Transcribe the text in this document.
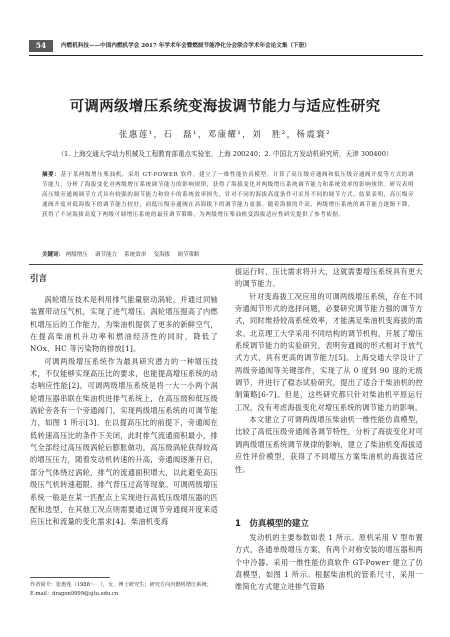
54	内燃机科技——中国内燃机学会 2017 年学术年会暨燃烧节能净化分会联合学术年会论文集（下册）
可调两级增压系统变海拔调节能力与适应性研究
张惠莲¹，石　磊¹，邓康耀¹，刘　胜²，杨震寰²
（1. 上海交通大学动力机械及工程教育部重点实验室，上海 200240；2. 中国北方发动机研究所，天津 300400）
摘要：基于某两级增压柴油机，采用 GT-POWER 软件，建立了一维性能仿真模型。计算了高压级旁通阀和低压级旁通阀开度等方式的调节能力，分析了海拔变化对两级增压系统调节能力的影响规律，获得了海拔变化对两级增压系统调节能力和系统效率的影响规律。研究表明高压级旁通阀调节方式具有较强的调节能力和较小的系统效率损失，针对不同的海拔高度条件可采用不同的调节方式。结果表明，高压级旁通阀开度对低海拔下的调节能力较好，而低压级旁通阀在高海拔下的调节能力更强。随着海拔的升高，两级增压系统的调节能力逐渐下降，获得了不同海拔高度下两级可调增压系统的最佳调节策略，为两级增压柴油机变海拔适应性研究提供了参考依据。
关键词： 两级增压  调节能力  系统效率  变海拔  调节策略
引言

涡轮增压技术是利用排气能量驱动涡轮，并通过同轴装置带动压气机，实现了进气增压。涡轮增压提高了内燃机增压后的工作能力，为柴油机提供了更多的新鲜空气，在提高柴油机升功率和燃油经济性的同时，降低了 NOx、HC 等污染物的排放[1]。

可调两级增压系统作为最具研究潜力的一种增压技术，不仅能够实现高压比的要求，也能提高增压系统的动态响应性能[2]。可调两级增压系统是将一大一小两个涡轮增压器串联在柴油机进排气系统上，在高压级和低压级涡轮旁各有一个旁通阀门，实现两级增压系统的可调节能力，如图 1 所示[3]。在以提高压比的前提下，旁通阀在低转速高压比的条件下关闭，此时排气流通面积最小，排气全部经过高压级涡轮后膨胀做功，高压级涡轮获得较高的增压压力，随着发动机转速的升高，旁通阀逐渐开启，部分气体绕过涡轮，排气的流通面积增大，以此避免高压级压气机转速超限、排气背压过高等现象。可调两级增压系统一般是在某一匹配点上实现进行高低压级增压器的匹配和选型，在其他工况点则需要通过调节旁通阀开度来适应压比和流量的变化需求[4]。柴油机变海

拔运行时，压比需求将升大，这就需要增压系统具有更大的调节能力。

针对变海拔工况应用的可调两级增压系统，存在不同旁通阀节形式的选择问题，必要研究调节能力强的调节方式，同时维持较高系统效率，才能满足柴油机变海拔的需求。北京理工大学采用不同结构的调节机构，开展了增压系统调节能力的实验研究，表明旁通阀的形式相对于放气式方式，具有更高的调节能力[5]。上海交通大学设计了两级旁通阀等关键部件，实现了从 0 度到 90 度的无级调节，并进行了稳态试验研究，提出了适合于柴油机的控制策略[6-7]。但是，这些研究都只针对柴油机平原运行工况，没有考虑海拔变化对增压系统的调节能力的影响。

本文建立了可调两级增压柴油机一维性能仿真模型，比较了高低压级旁通阀各调节特性，分析了海拔变化对可调两级增压系统调节规律的影响，建立了柴油机变海拔适应性评价模型，获得了不同增压方案柴油机的海拔适应性。

1　仿真模型的建立

发动机的主要参数如表 1 所示。原机采用 V 型布置方式，各通单级增压方案，有两个对称安装的增压器和两个中冷器。采用一维性能仿真软件 GT-Power 建立了仿真模型，如图 1 所示。根据柴油机的管系尺寸，采用一维简化方式建立进排气管路

作者简介：张惠莲（1988～　），女，博士研究生；研究方向内燃机增压系统；
E-mail：dragon9999@sjtu.edu.cn
